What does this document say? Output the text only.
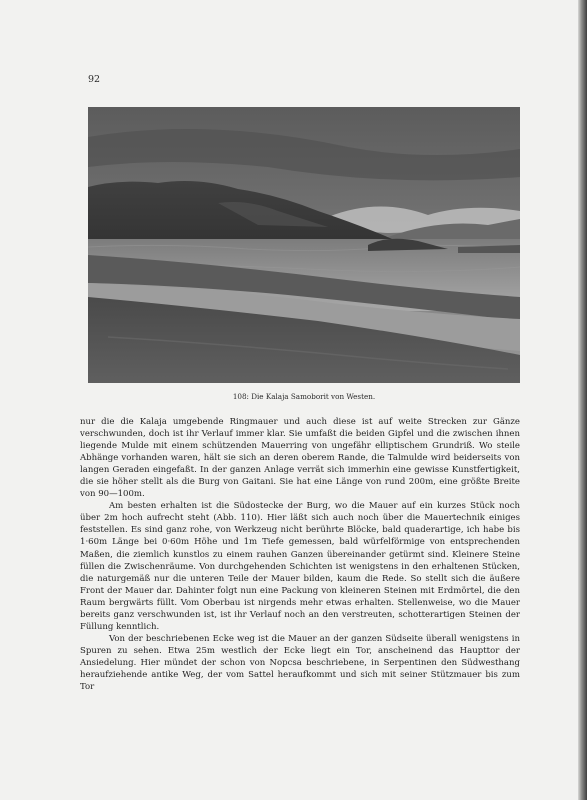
92
108: Die Kalaja Samoborit von Westen.

nur die die Kalaja umgebende Ringmauer und auch diese ist auf weite Strecken zur Gänze verschwunden, doch ist ihr Verlauf immer klar. Sie umfaßt die beiden Gipfel und die zwischen ihnen liegende Mulde mit einem schützenden Mauerring von ungefähr elliptischem Grundriß. Wo steile Abhänge vorhanden waren, hält sie sich an deren oberem Rande, die Talmulde wird beiderseits von langen Geraden eingefaßt. In der ganzen Anlage verrät sich immerhin eine gewisse Kunstfertigkeit, die sie höher stellt als die Burg von Gaitani. Sie hat eine Länge von rund 200m, eine größte Breite von 90—100m.

Am besten erhalten ist die Südostecke der Burg, wo die Mauer auf ein kurzes Stück noch über 2m hoch aufrecht steht (Abb. 110). Hier läßt sich auch noch über die Mauertechnik einiges feststellen. Es sind ganz rohe, von Werkzeug nicht berührte Blöcke, bald quaderartige, ich habe bis 1·60m Länge bei 0·60m Höhe und 1m Tiefe gemessen, bald würfelförmige von entsprechenden Maßen, die ziemlich kunstlos zu einem rauhen Ganzen übereinander getürmt sind. Kleinere Steine füllen die Zwischenräume. Von durchgehenden Schichten ist wenigstens in den erhaltenen Stücken, die naturgemäß nur die unteren Teile der Mauer bilden, kaum die Rede. So stellt sich die äußere Front der Mauer dar. Dahinter folgt nun eine Packung von kleineren Steinen mit Erdmörtel, die den Raum bergwärts füllt. Vom Oberbau ist nirgends mehr etwas erhalten. Stellenweise, wo die Mauer bereits ganz verschwunden ist, ist ihr Verlauf noch an den verstreuten, schotterartigen Steinen der Füllung kenntlich.

Von der beschriebenen Ecke weg ist die Mauer an der ganzen Südseite überall wenigstens in Spuren zu sehen. Etwa 25m westlich der Ecke liegt ein Tor, anscheinend das Haupttor der Ansiedelung. Hier mündet der schon von Nopcsa beschriebene, in Serpentinen den Südwesthang heraufziehende antike Weg, der vom Sattel heraufkommt und sich mit seiner Stützmauer bis zum Tor
